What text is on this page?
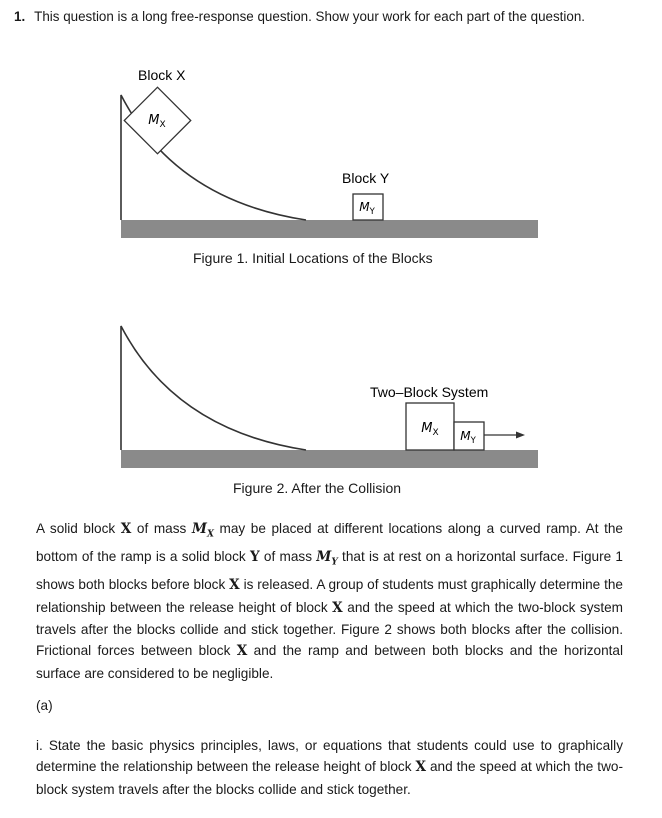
1. This question is a long free-response question. Show your work for each part of the question.
$M_X$
Block X
$M_Y$
Block Y
$M_X$ $M_Y$
Two–Block System
Figure 1. Initial Locations of the Blocks
Figure 2. After the Collision

A solid block X of mass $M_X$ may be placed at different locations along a curved ramp. At the bottom of the ramp is a solid block Y of mass $M_Y$ that is at rest on a horizontal surface. Figure 1 shows both blocks before block X is released. A group of students must graphically determine the relationship between the release height of block X and the speed at which the two-block system travels after the blocks collide and stick together. Figure 2 shows both blocks after the collision. Frictional forces between block X and the ramp and between both blocks and the horizontal surface are considered to be negligible.

(a)

i. State the basic physics principles, laws, or equations that students could use to graphically determine the relationship between the release height of block X and the speed at which the two-block system travels after the blocks collide and stick together.
